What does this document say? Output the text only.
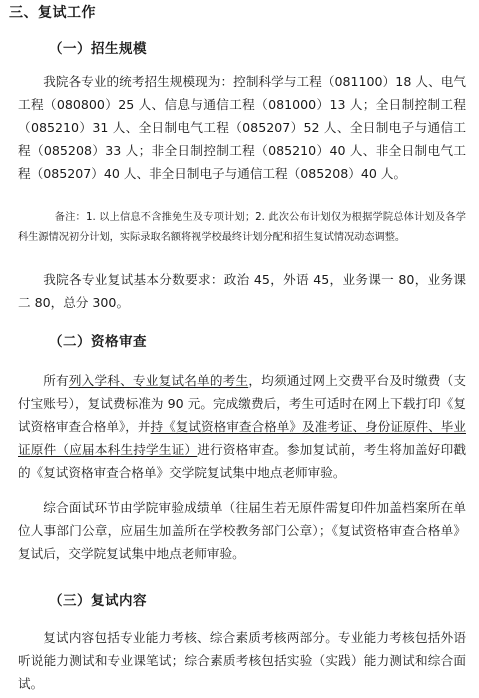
三、复试工作
（一）招生规模

我院各专业的统考招生规模现为：控制科学与工程（081100）18 人、电气工程（080800）25 人、信息与通信工程（081000）13 人；全日制控制工程（085210）31 人、全日制电气工程（085207）52 人、全日制电子与通信工程（085208）33 人；非全日制控制工程（085210）40 人、非全日制电气工程（085207）40 人、非全日制电子与通信工程（085208）40 人。

备注：1. 以上信息不含推免生及专项计划；2. 此次公布计划仅为根据学院总体计划及各学科生源情况初分计划，实际录取名额将视学校最终计划分配和招生复试情况动态调整。

我院各专业复试基本分数要求：政治 45，外语 45，业务课一 80，业务课二 80，总分 300。

（二）资格审查

所有列入学科、专业复试名单的考生，均须通过网上交费平台及时缴费（支付宝账号），复试费标准为 90 元。完成缴费后，考生可适时在网上下载打印《复试资格审查合格单》，并持《复试资格审查合格单》及准考证、身份证原件、毕业证原件（应届本科生持学生证）进行资格审查。参加复试前，考生将加盖好印戳的《复试资格审查合格单》交学院复试集中地点老师审验。

综合面试环节由学院审验成绩单（往届生若无原件需复印件加盖档案所在单位人事部门公章，应届生加盖所在学校教务部门公章）；《复试资格审查合格单》复试后，交学院复试集中地点老师审验。

（三）复试内容

复试内容包括专业能力考核、综合素质考核两部分。专业能力考核包括外语听说能力测试和专业课笔试；综合素质考核包括实验（实践）能力测试和综合面试。
